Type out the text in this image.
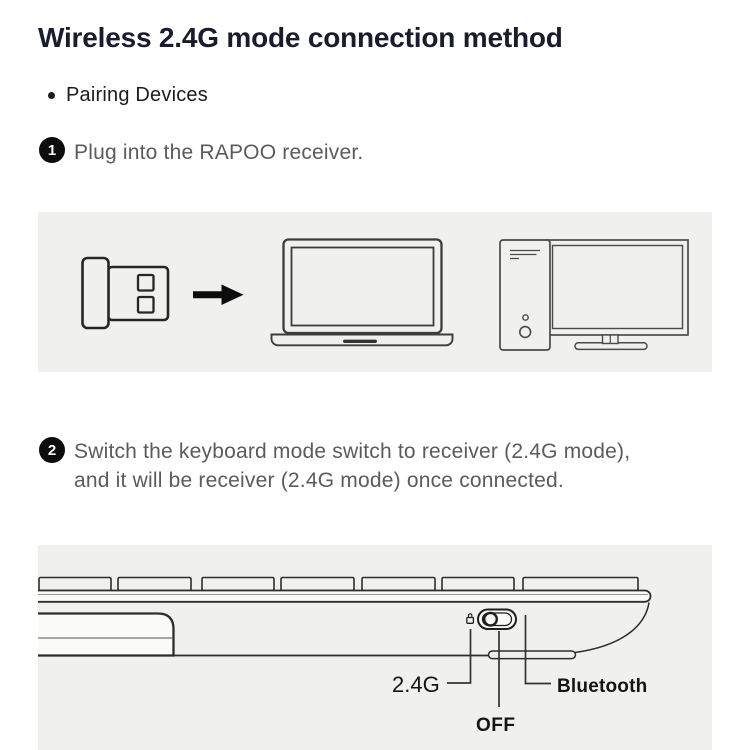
Wireless 2.4G mode connection method
Pairing Devices
1 Plug into the RAPOO receiver.
2 Switch the keyboard mode switch to receiver (2.4G mode),
and it will be receiver (2.4G mode) once connected.
2.4G
OFF
Bluetooth
